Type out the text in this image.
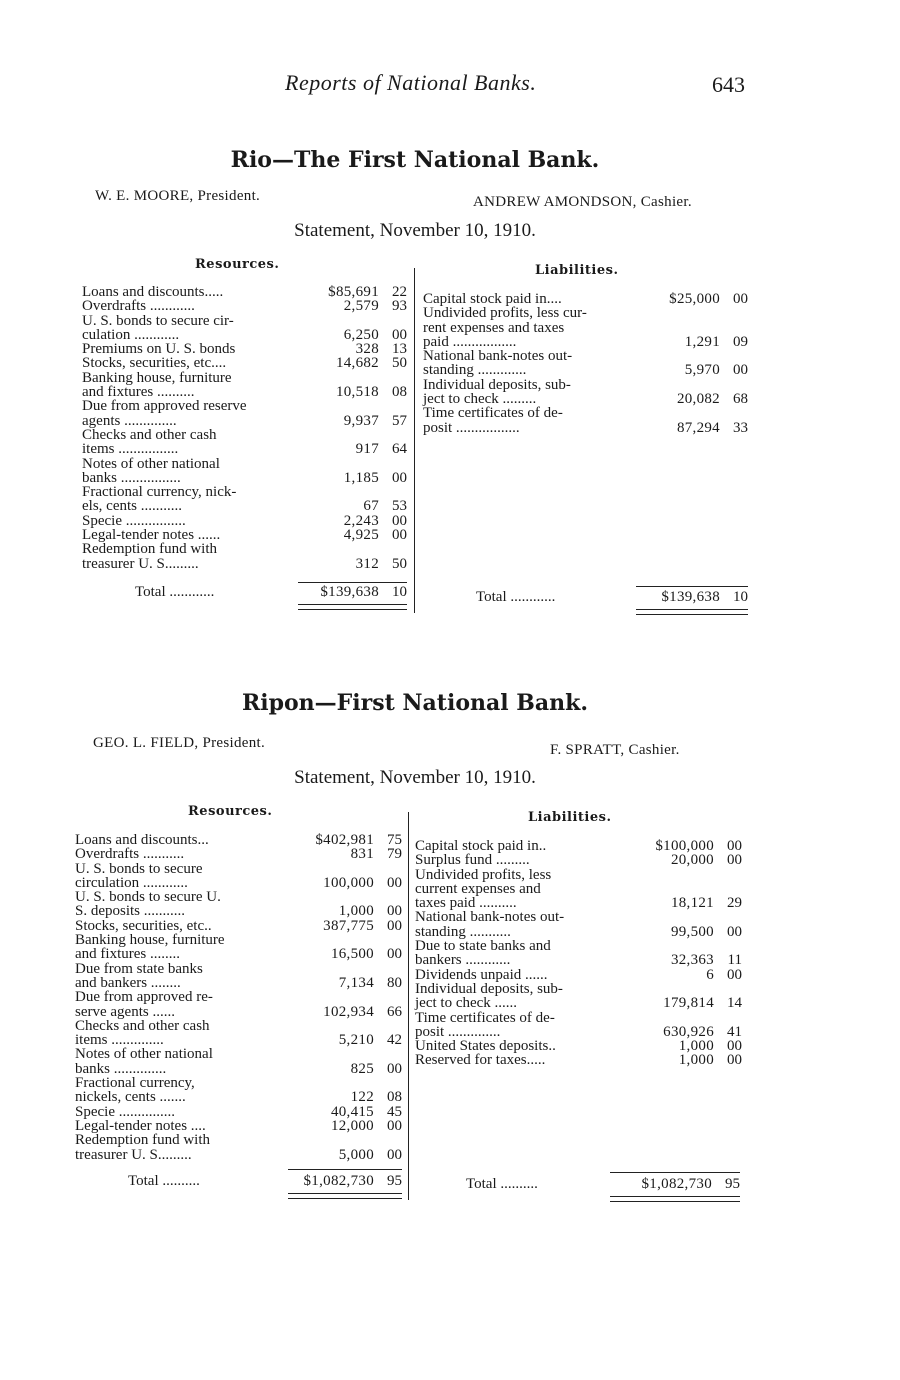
Reports of National Banks.	643
Rio—The First National Bank.
W. E. MOORE, President.	ANDREW AMONDSON, Cashier.
Statement, November 10, 1910.
Resources.	Liabilities.
Loans and discounts.....	$85,691 22
Overdrafts ............	2,579 93
U. S. bonds to secure cir-
culation ............	6,250 00
Premiums on U. S. bonds	328 13
Stocks, securities, etc....	14,682 50
Banking house, furniture
and fixtures ..........	10,518 08
Due from approved reserve
agents ..............	9,937 57
Checks and other cash
items ................	917 64
Notes of other national
banks ................	1,185 00
Fractional currency, nick-
els, cents ...........	67 53
Specie ................	2,243 00
Legal-tender notes ......	4,925 00
Redemption fund with
treasurer U. S.........	312 50
Capital stock paid in....	$25,000 00
Undivided profits, less cur-
rent expenses and taxes
paid .................	1,291 09
National bank-notes out-
standing .............	5,970 00
Individual deposits, sub-
ject to check .........	20,082 68
Time certificates of de-
posit .................	87,294 33
Total ............	$139,638 10	Total ............	$139,638 10
Ripon—First National Bank.
GEO. L. FIELD, President.	F. SPRATT, Cashier.
Statement, November 10, 1910.
Resources.	Liabilities.
Loans and discounts...	$402,981 75
Overdrafts ...........	831 79
U. S. bonds to secure
circulation ............	100,000 00
U. S. bonds to secure U.
S. deposits ...........	1,000 00
Stocks, securities, etc..	387,775 00
Banking house, furniture
and fixtures ........	16,500 00
Due from state banks
and bankers ........	7,134 80
Due from approved re-
serve agents ......	102,934 66
Checks and other cash
items ..............	5,210 42
Notes of other national
banks ..............	825 00
Fractional currency,
nickels, cents .......	122 08
Specie ...............	40,415 45
Legal-tender notes ....	12,000 00
Redemption fund with
treasurer U. S.........	5,000 00
Capital stock paid in..	$100,000 00
Surplus fund .........	20,000 00
Undivided profits, less
current expenses and
taxes paid ..........	18,121 29
National bank-notes out-
standing ...........	99,500 00
Due to state banks and
bankers ............	32,363 11
Dividends unpaid ......	6 00
Individual deposits, sub-
ject to check ......	179,814 14
Time certificates of de-
posit ..............	630,926 41
United States deposits..	1,000 00
Reserved for taxes.....	1,000 00
Total ..........	$1,082,730 95	Total ..........	$1,082,730 95
